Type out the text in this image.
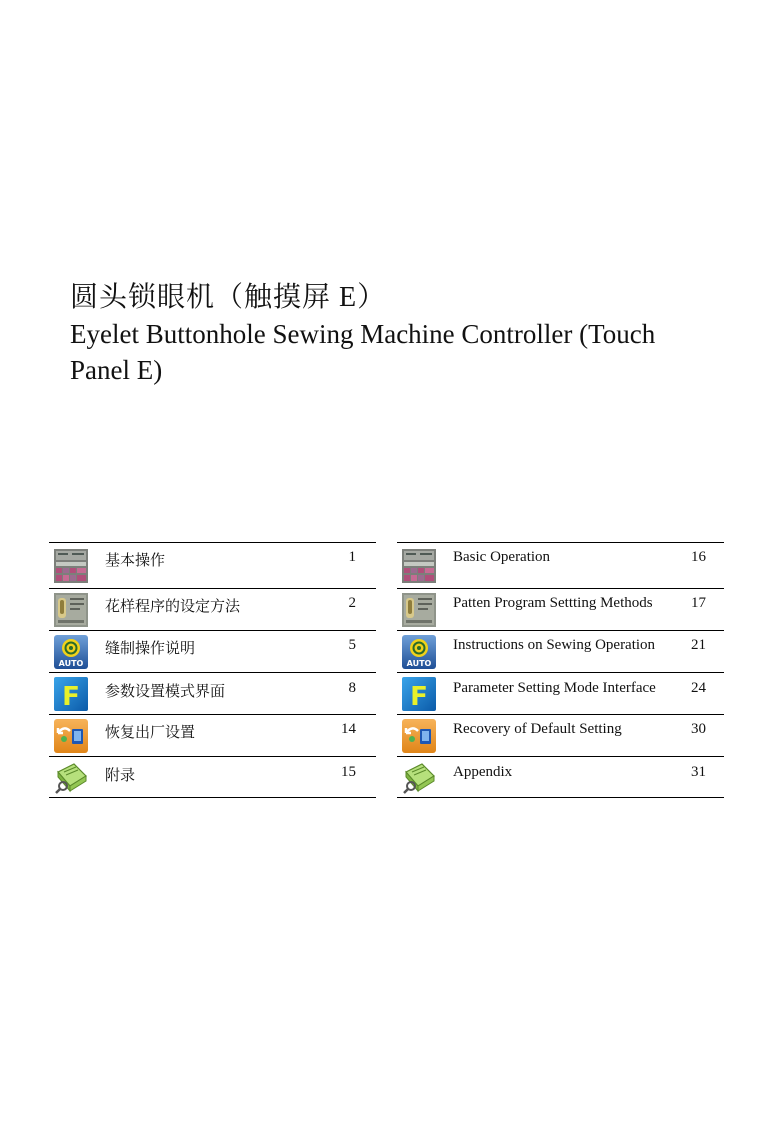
圆头锁眼机（触摸屏 E）
Eyelet Buttonhole Sewing Machine Controller (Touch Panel E)
基本操作	1
花样程序的设定方法	2
AUTO
缝制操作说明	5
F 参数设置模式界面	8
恢复出厂设置	14
附录	15
Basic Operation	16
Patten Program Settting Methods	17
AUTO
Instructions on Sewing Operation 21
F Parameter Setting Mode Interface 24
Recovery of Default Setting	30
Appendix	31
